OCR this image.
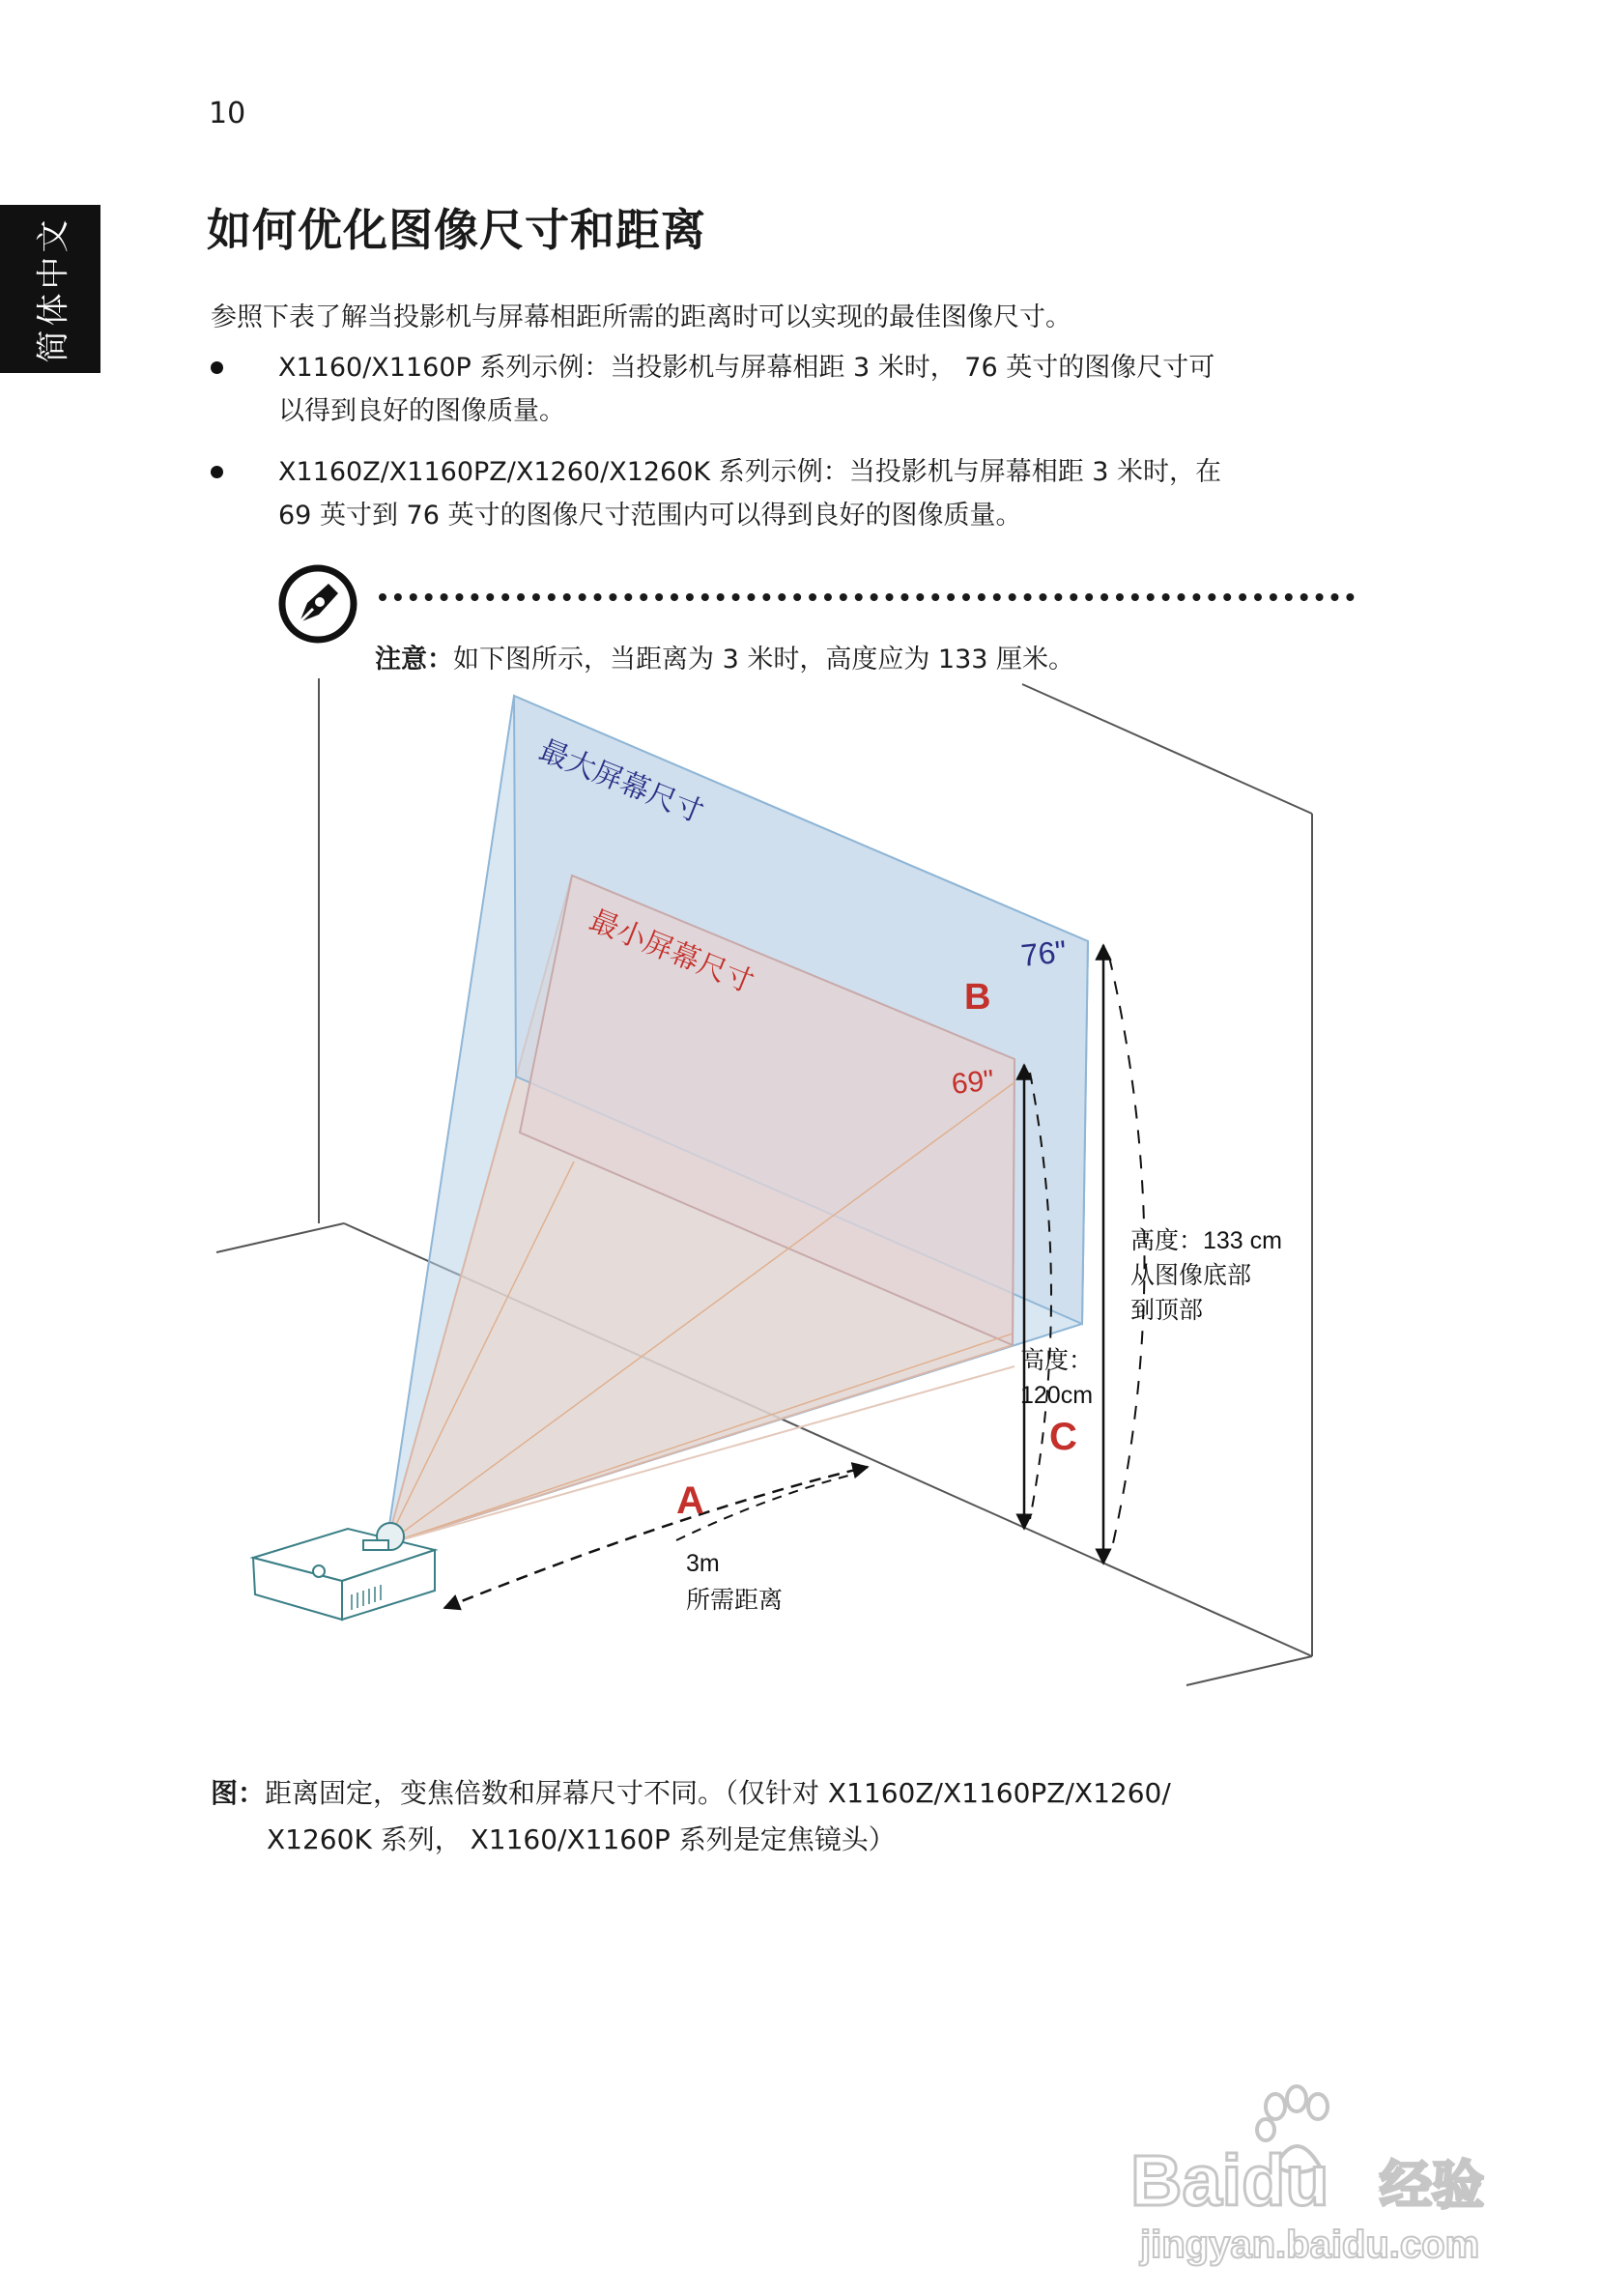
10
简体中文	如何优化图像尺寸和距离
参照下表了解当投影机与屏幕相距所需的距离时可以实现的最佳图像尺寸。
X1160/X1160P 系列示例：当投影机与屏幕相距 3 米时， 76 英寸的图像尺寸可
以得到良好的图像质量。
X1160Z/X1160PZ/X1260/X1260K 系列示例：当投影机与屏幕相距 3 米时，在
69 英寸到 76 英寸的图像尺寸范围内可以得到良好的图像质量。
注意：如下图所示，当距离为 3 米时，高度应为 133 厘米。
最大屏幕尺寸
最小屏幕尺寸	76"
69"
B
A
C
3m
所需距离
高度：133 cm
从图像底部
到顶部
高度：
120cm
图：距离固定，变焦倍数和屏幕尺寸不同。（仅针对 X1160Z/X1160PZ/X1260/
X1260K 系列， X1160/X1160P 系列是定焦镜头）
Baidu 经验
jingyan.baidu.com
